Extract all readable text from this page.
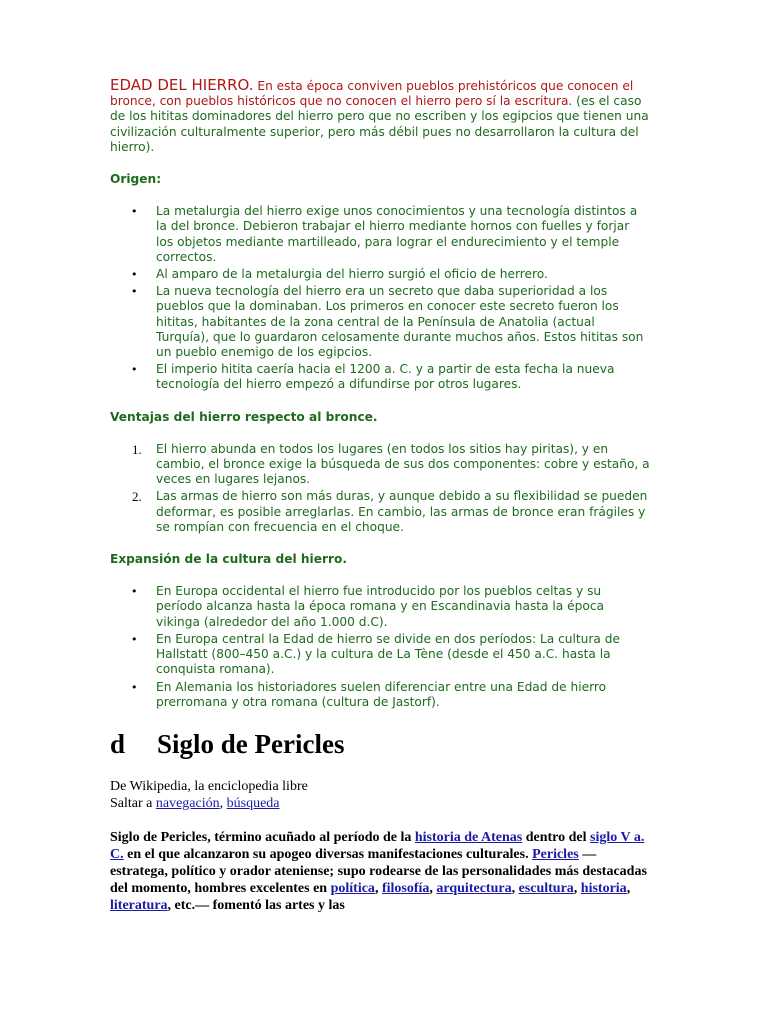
EDAD DEL HIERRO. En esta época conviven pueblos prehistóricos que conocen el bronce, con pueblos históricos que no conocen el hierro pero sí la escritura. (es el caso de los hititas dominadores del hierro pero que no escriben y los egipcios que tienen una civilización culturalmente superior, pero más débil pues no desarrollaron la cultura del hierro).

Origen:

• La metalurgia del hierro exige unos conocimientos y una tecnología distintos a la del bronce. Debieron trabajar el hierro mediante hornos con fuelles y forjar los objetos mediante martilleado, para lograr el endurecimiento y el temple correctos.
• Al amparo de la metalurgia del hierro surgió el oficio de herrero.
• La nueva tecnología del hierro era un secreto que daba superioridad a los pueblos que la dominaban. Los primeros en conocer este secreto fueron los hititas, habitantes de la zona central de la Península de Anatolia (actual Turquía), que lo guardaron celosamente durante muchos años. Estos hititas son un pueblo enemigo de los egipcios.
• El imperio hitita caería hacia el 1200 a. C. y a partir de esta fecha la nueva tecnología del hierro empezó a difundirse por otros lugares.

Ventajas del hierro respecto al bronce.

1. El hierro abunda en todos los lugares (en todos los sitios hay piritas), y en cambio, el bronce exige la búsqueda de sus dos componentes: cobre y estaño, a veces en lugares lejanos.
2. Las armas de hierro son más duras, y aunque debido a su flexibilidad se pueden deformar, es posible arreglarlas. En cambio, las armas de bronce eran frágiles y se rompían con frecuencia en el choque.

Expansión de la cultura del hierro.

• En Europa occidental el hierro fue introducido por los pueblos celtas y su período alcanza hasta la época romana y en Escandinavia hasta la época vikinga (alrededor del año 1.000 d.C).
• En Europa central la Edad de hierro se divide en dos períodos: La cultura de Hallstatt (800–450 a.C.) y la cultura de La Tène (desde el 450 a.C. hasta la conquista romana).
• En Alemania los historiadores suelen diferenciar entre una Edad de hierro prerromana y otra romana (cultura de Jastorf).
d Siglo de Pericles
De Wikipedia, la enciclopedia libre
Saltar a navegación, búsqueda

Siglo de Pericles, término acuñado al período de la historia de Atenas dentro del siglo V a. C. en el que alcanzaron su apogeo diversas manifestaciones culturales. Pericles —estratega, político y orador ateniense; supo rodearse de las personalidades más destacadas del momento, hombres excelentes en política, filosofía, arquitectura, escultura, historia, literatura, etc.— fomentó las artes y las
